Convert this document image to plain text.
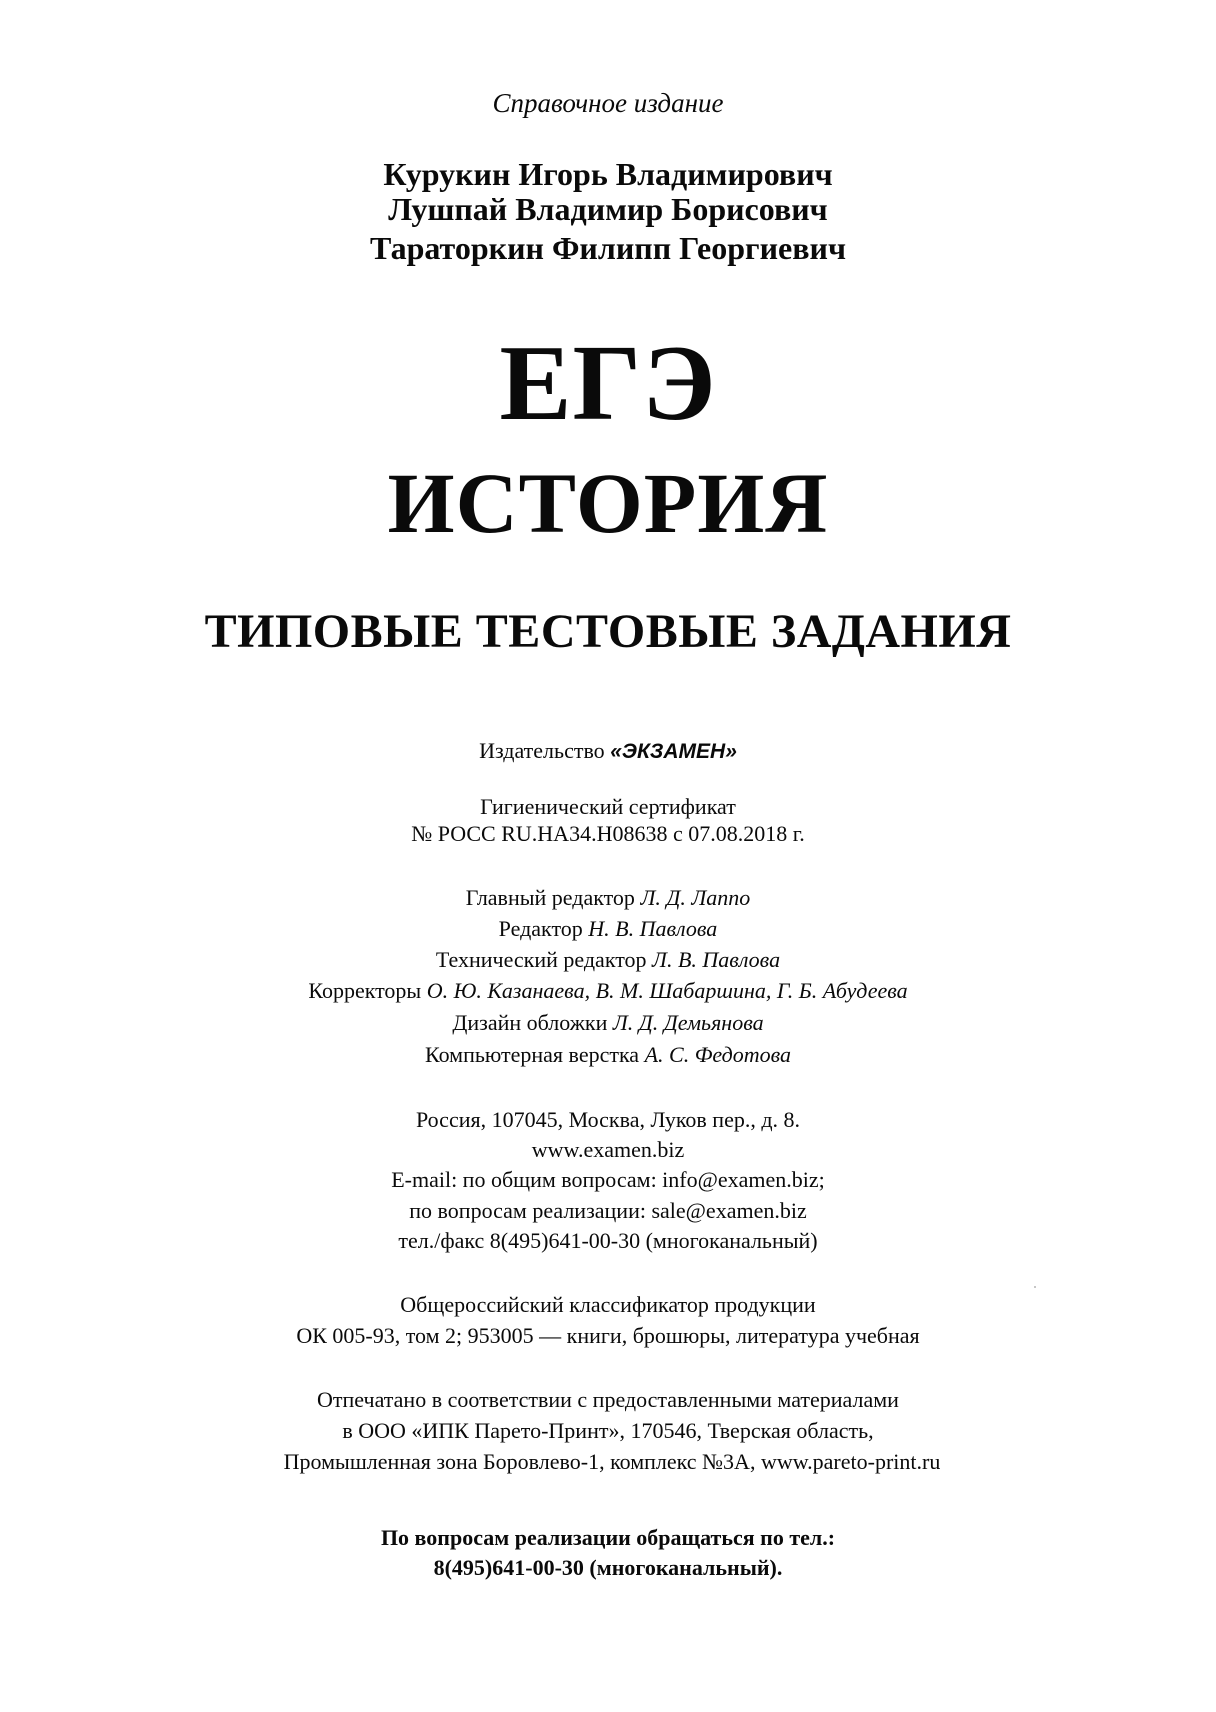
Справочное издание
Курукин Игорь Владимирович
Лушпай Владимир Борисович
Тараторкин Филипп Георгиевич
ЕГЭ
ИСТОРИЯ
ТИПОВЫЕ ТЕСТОВЫЕ ЗАДАНИЯ
Издательство «ЭКЗАМЕН»
Гигиенический сертификат
№ РОСС RU.НА34.Н08638 с 07.08.2018 г.
Главный редактор Л. Д. Лаппо
Редактор Н. В. Павлова
Технический редактор Л. В. Павлова
Корректоры О. Ю. Казанаева, В. М. Шабаршина, Г. Б. Абудеева
Дизайн обложки Л. Д. Демьянова
Компьютерная верстка А. С. Федотова
Россия, 107045, Москва, Луков пер., д. 8.
www.examen.biz
E-mail: по общим вопросам: info@examen.biz;
по вопросам реализации: sale@examen.biz
тел./факс 8(495)641-00-30 (многоканальный)
Общероссийский классификатор продукции
ОК 005-93, том 2; 953005 — книги, брошюры, литература учебная
Отпечатано в соответствии с предоставленными материалами
в ООО «ИПК Парето-Принт», 170546, Тверская область,
Промышленная зона Боровлево-1, комплекс №3А, www.pareto-print.ru
По вопросам реализации обращаться по тел.:
8(495)641-00-30 (многоканальный).
